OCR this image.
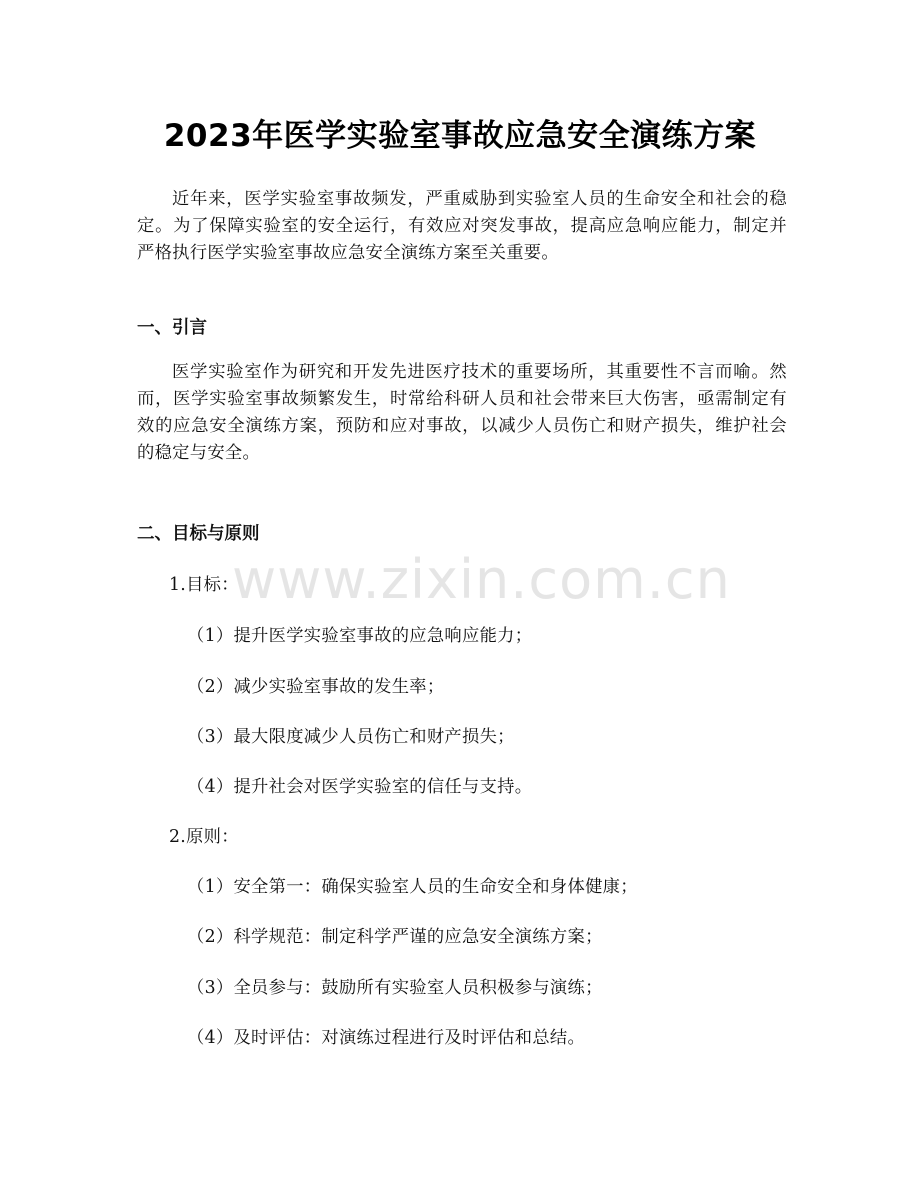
2023年医学实验室事故应急安全演练方案
近年来，医学实验室事故频发，严重威胁到实验室人员的生命安全和社会的稳定。为了保障实验室的安全运行，有效应对突发事故，提高应急响应能力，制定并严格执行医学实验室事故应急安全演练方案至关重要。
一、引言
医学实验室作为研究和开发先进医疗技术的重要场所，其重要性不言而喻。然而，医学实验室事故频繁发生，时常给科研人员和社会带来巨大伤害，亟需制定有效的应急安全演练方案，预防和应对事故，以减少人员伤亡和财产损失，维护社会的稳定与安全。
二、目标与原则
1.目标：
（1）提升医学实验室事故的应急响应能力；
（2）减少实验室事故的发生率；
（3）最大限度减少人员伤亡和财产损失；
（4）提升社会对医学实验室的信任与支持。
2.原则：
（1）安全第一：确保实验室人员的生命安全和身体健康；
（2）科学规范：制定科学严谨的应急安全演练方案；
（3）全员参与：鼓励所有实验室人员积极参与演练；
（4）及时评估：对演练过程进行及时评估和总结。
www.zixin.com.cn
